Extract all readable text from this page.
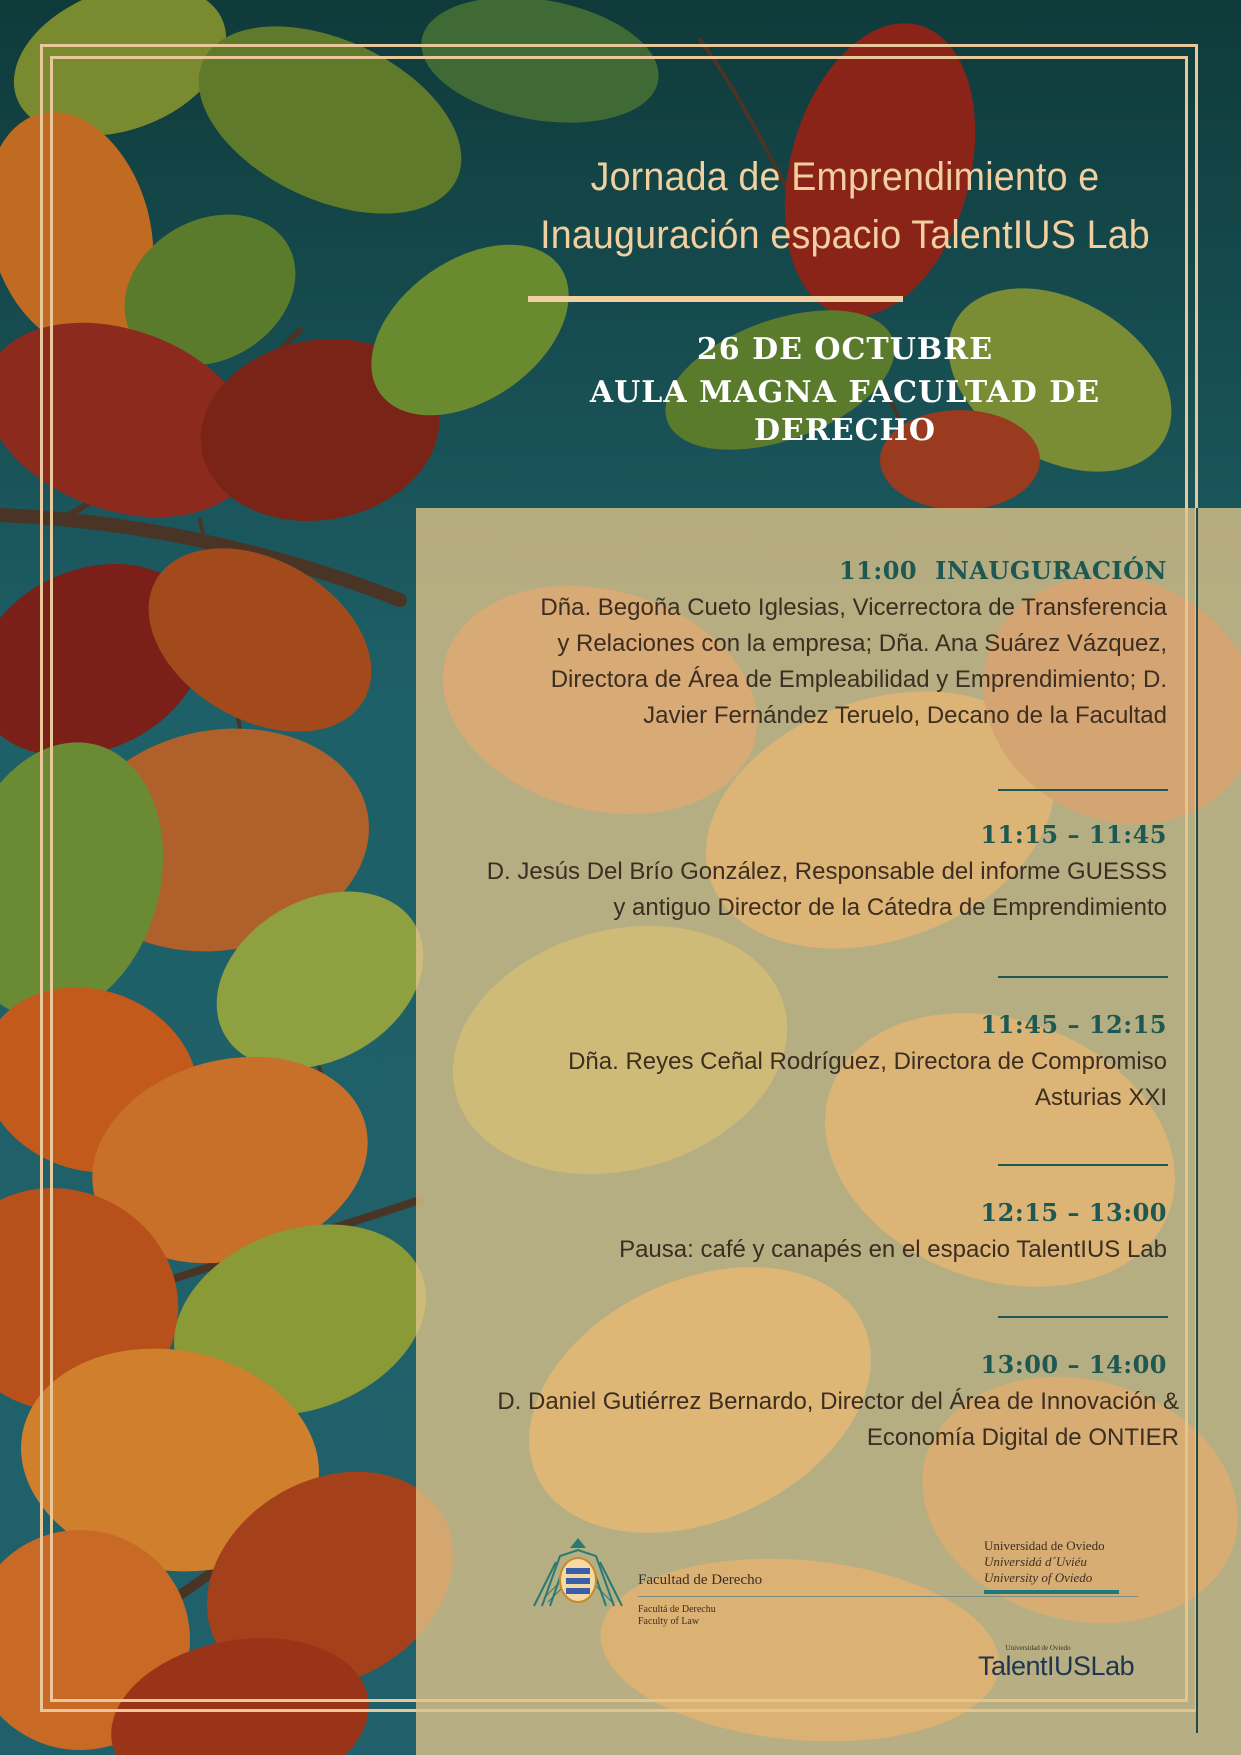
Jornada de Emprendimiento e
Inauguración espacio TalentIUS Lab
26 DE OCTUBRE
AULA MAGNA FACULTAD DE
DERECHO
11:00 INAUGURACIÓN
Dña. Begoña Cueto Iglesias, Vicerrectora de Transferencia
y Relaciones con la empresa; Dña. Ana Suárez Vázquez,
Directora de Área de Empleabilidad y Emprendimiento; D.
Javier Fernández Teruelo, Decano de la Facultad
11:15 – 11:45
D. Jesús Del Brío González, Responsable del informe GUESSS
y antiguo Director de la Cátedra de Emprendimiento
11:45 – 12:15
Dña. Reyes Ceñal Rodríguez, Directora de Compromiso
Asturias XXI
12:15 – 13:00
Pausa: café y canapés en el espacio TalentIUS Lab
13:00 – 14:00
D. Daniel Gutiérrez Bernardo, Director del Área de Innovación &
Economía Digital de ONTIER
Facultad de Derecho
Facultá de Derechu
Faculty of Law
Universidad de Oviedo
Universidá d´Uviéu
University of Oviedo
Universidad de Oviedo
TalentIUSLab
